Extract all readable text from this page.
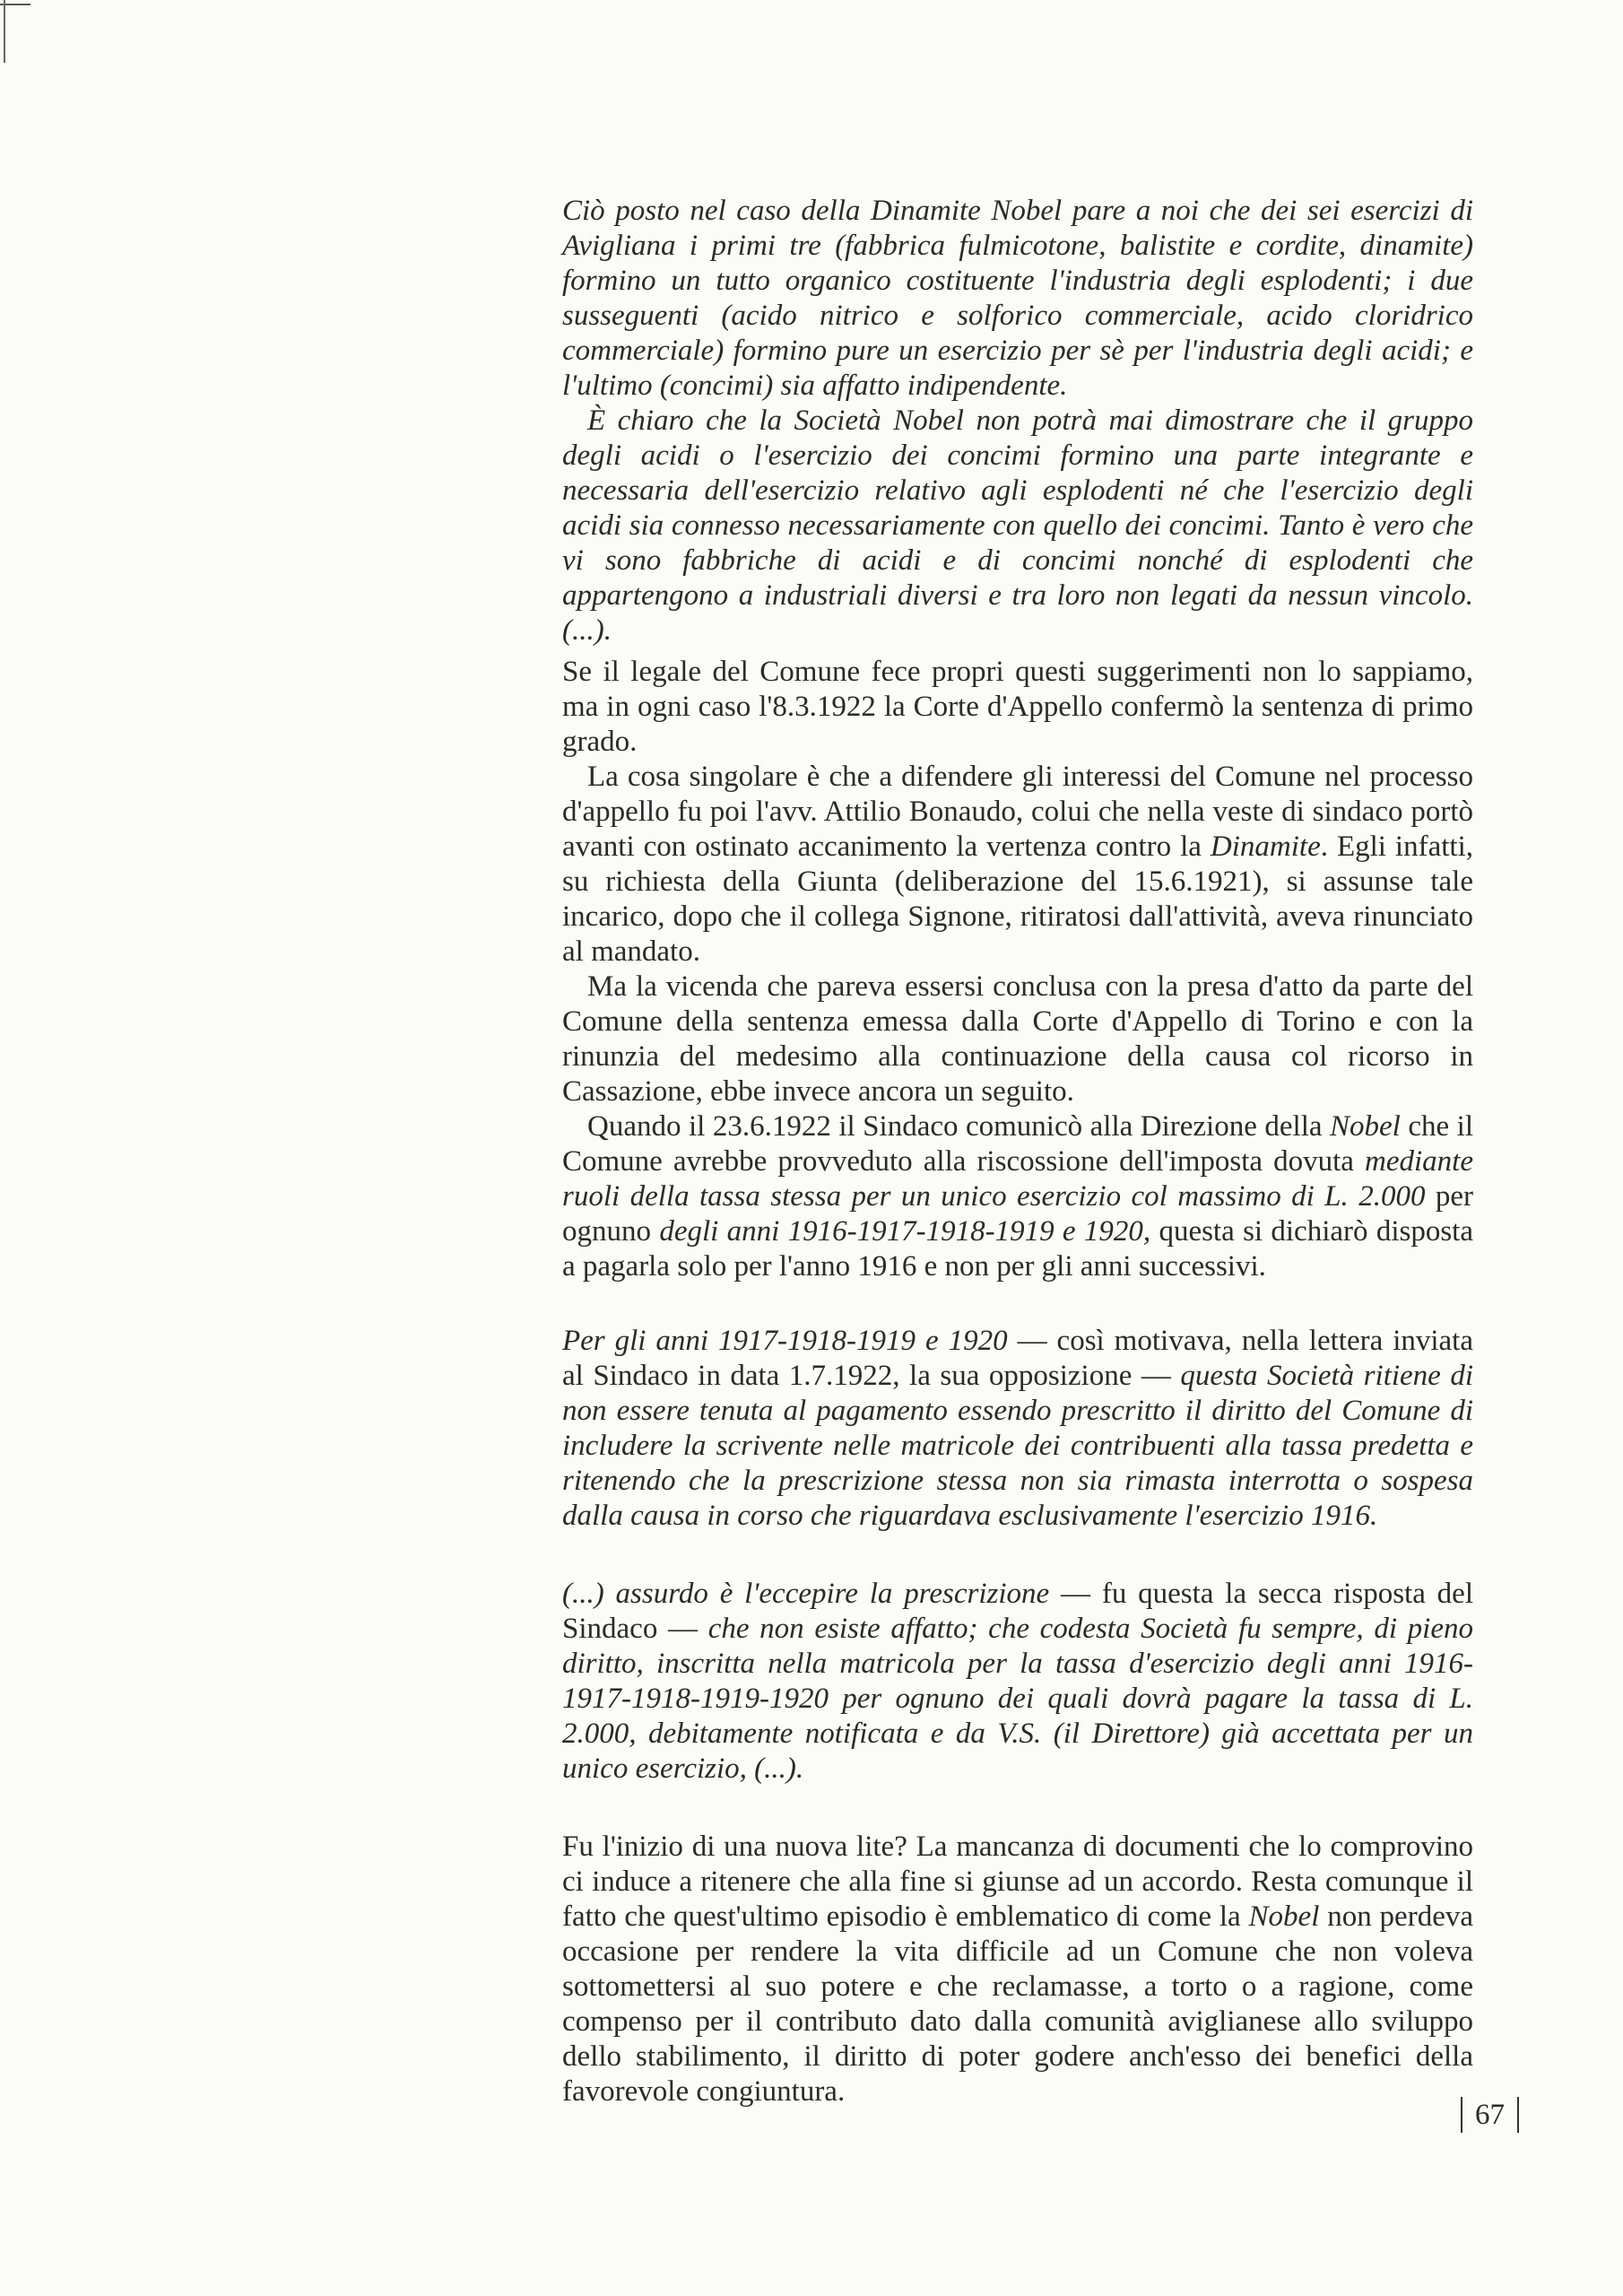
Ciò posto nel caso della Dinamite Nobel pare a noi che dei sei esercizi di Avigliana i primi tre (fabbrica fulmicotone, balistite e cordite, dinamite) formino un tutto organico costituente l'industria degli esplodenti; i due susseguenti (acido nitrico e solforico commerciale, acido cloridrico commerciale) formino pure un esercizio per sè per l'industria degli acidi; e l'ultimo (concimi) sia affatto indipendente.

È chiaro che la Società Nobel non potrà mai dimostrare che il gruppo degli acidi o l'esercizio dei concimi formino una parte integrante e necessaria dell'esercizio relativo agli esplodenti né che l'esercizio degli acidi sia connesso necessariamente con quello dei concimi. Tanto è vero che vi sono fabbriche di acidi e di concimi nonché di esplodenti che appartengono a industriali diversi e tra loro non legati da nessun vincolo. (...).

Se il legale del Comune fece propri questi suggerimenti non lo sappiamo, ma in ogni caso l'8.3.1922 la Corte d'Appello confermò la sentenza di primo grado.

La cosa singolare è che a difendere gli interessi del Comune nel processo d'appello fu poi l'avv. Attilio Bonaudo, colui che nella veste di sindaco portò avanti con ostinato accanimento la vertenza contro la Dinamite. Egli infatti, su richiesta della Giunta (deliberazione del 15.6.1921), si assunse tale incarico, dopo che il collega Signone, ritiratosi dall'attività, aveva rinunciato al mandato.

Ma la vicenda che pareva essersi conclusa con la presa d'atto da parte del Comune della sentenza emessa dalla Corte d'Appello di Torino e con la rinunzia del medesimo alla continuazione della causa col ricorso in Cassazione, ebbe invece ancora un seguito.

Quando il 23.6.1922 il Sindaco comunicò alla Direzione della Nobel che il Comune avrebbe provveduto alla riscossione dell'imposta dovuta mediante ruoli della tassa stessa per un unico esercizio col massimo di L. 2.000 per ognuno degli anni 1916-1917-1918-1919 e 1920, questa si dichiarò disposta a pagarla solo per l'anno 1916 e non per gli anni successivi.

Per gli anni 1917-1918-1919 e 1920 — così motivava, nella lettera inviata al Sindaco in data 1.7.1922, la sua opposizione — questa Società ritiene di non essere tenuta al pagamento essendo prescritto il diritto del Comune di includere la scrivente nelle matricole dei contribuenti alla tassa predetta e ritenendo che la prescrizione stessa non sia rimasta interrotta o sospesa dalla causa in corso che riguardava esclusivamente l'esercizio 1916.

(...) assurdo è l'eccepire la prescrizione — fu questa la secca risposta del Sindaco — che non esiste affatto; che codesta Società fu sempre, di pieno diritto, inscritta nella matricola per la tassa d'esercizio degli anni 1916-1917-1918-1919-1920 per ognuno dei quali dovrà pagare la tassa di L. 2.000, debitamente notificata e da V.S. (il Direttore) già accettata per un unico esercizio, (...).

Fu l'inizio di una nuova lite? La mancanza di documenti che lo comprovino ci induce a ritenere che alla fine si giunse ad un accordo. Resta comunque il fatto che quest'ultimo episodio è emblematico di come la Nobel non perdeva occasione per rendere la vita difficile ad un Comune che non voleva sottomettersi al suo potere e che reclamasse, a torto o a ragione, come compenso per il contributo dato dalla comunità aviglianese allo sviluppo dello stabilimento, il diritto di poter godere anch'esso dei benefici della favorevole congiuntura.

67
